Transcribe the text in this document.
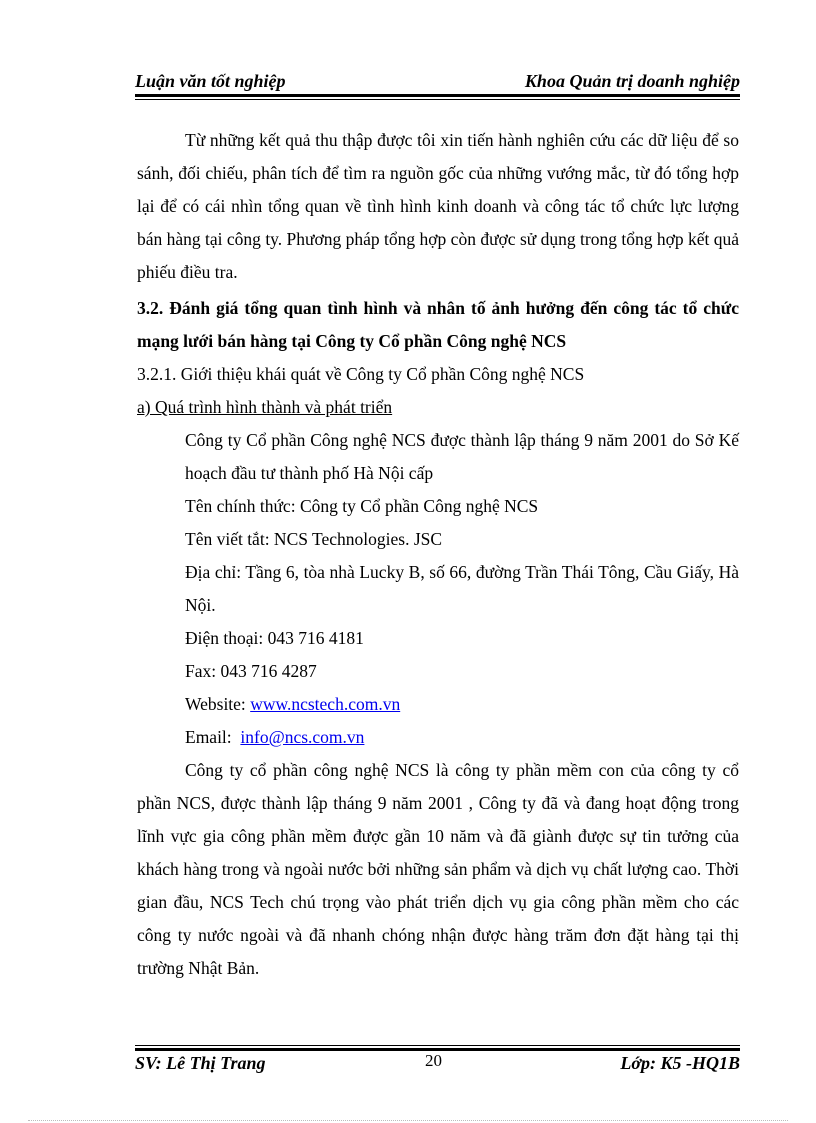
Luận văn tốt nghiệp	Khoa Quản trị doanh nghiệp

Từ những kết quả thu thập được tôi xin tiến hành nghiên cứu các dữ liệu để so sánh, đối chiếu, phân tích để tìm ra nguồn gốc của những vướng mắc, từ đó tổng hợp lại để có cái nhìn tổng quan về tình hình kinh doanh và công tác tổ chức lực lượng bán hàng tại công ty. Phương pháp tổng hợp còn được sử dụng trong tổng hợp kết quả phiếu điều tra.

3.2. Đánh giá tổng quan tình hình và nhân tố ảnh hưởng đến công tác tổ chức mạng lưới bán hàng tại Công ty Cổ phần Công nghệ NCS

3.2.1. Giới thiệu khái quát về Công ty Cổ phần Công nghệ NCS

a) Quá trình hình thành và phát triển

Công ty Cổ phần Công nghệ NCS được thành lập tháng 9 năm 2001 do Sở Kế hoạch đầu tư thành phố Hà Nội cấp

Tên chính thức: Công ty Cổ phần Công nghệ NCS

Tên viết tắt: NCS Technologies. JSC

Địa chỉ: Tầng 6, tòa nhà Lucky B, số 66, đường Trần Thái Tông, Cầu Giấy, Hà Nội.

Điện thoại: 043 716 4181

Fax: 043 716 4287

Website: www.ncstech.com.vn

Email:  info@ncs.com.vn

Công ty cổ phần công nghệ NCS là công ty phần mềm con của công ty cổ phần NCS, được thành lập tháng 9 năm 2001 , Công ty đã và đang hoạt động trong lĩnh vực gia công phần mềm được gần 10 năm và đã giành được sự tin tưởng của khách hàng trong và ngoài nước bởi những sản phẩm và dịch vụ chất lượng cao. Thời gian đầu, NCS Tech chú trọng vào phát triển dịch vụ gia công phần mềm cho các công ty nước ngoài và đã nhanh chóng nhận được hàng trăm đơn đặt hàng tại thị trường Nhật Bản.

SV: Lê Thị Trang	20	Lớp: K5 -HQ1B
